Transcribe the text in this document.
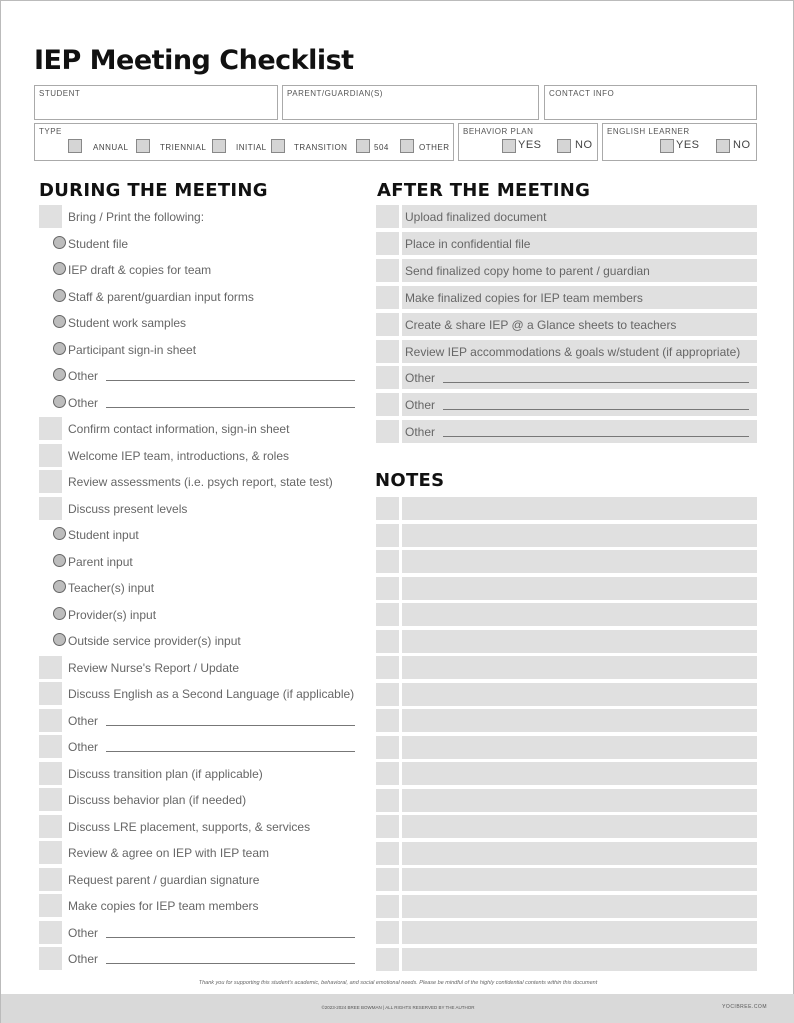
IEP Meeting Checklist
STUDENT	PARENT/GUARDIAN(S)	CONTACT INFO
TYPE
ANNUAL	TRIENNIAL	INITIAL	TRANSITION	504	OTHER
BEHAVIOR PLAN
YES	NO
ENGLISH LEARNER
YES	NO
DURING THE MEETING	AFTER THE MEETING
NOTES
Bring / Print the following:
Student file
IEP draft & copies for team
Staff & parent/guardian input forms
Student work samples
Participant sign-in sheet
Other
Other
Confirm contact information, sign-in sheet
Welcome IEP team, introductions, & roles
Review assessments (i.e. psych report, state test)
Discuss present levels
Student input
Parent input
Teacher(s) input
Provider(s) input
Outside service provider(s) input
Review Nurse's Report / Update
Discuss English as a Second Language (if applicable)
Other
Other
Discuss transition plan (if applicable)
Discuss behavior plan (if needed)
Discuss LRE placement, supports, & services
Review & agree on IEP with IEP team
Request parent / guardian signature
Make copies for IEP team members
Other
Other
Upload finalized document
Place in confidential file
Send finalized copy home to parent / guardian
Make finalized copies for IEP team members
Create & share IEP @ a Glance sheets to teachers
Review IEP accommodations & goals w/student (if appropriate)
Other
Other
Other
Thank you for supporting this student's academic, behavioral, and social emotional needs. Please be mindful of the highly confidential contents within this document
©2023-2024 BREE BOWMAN | ALL RIGHTS RESERVED BY THE AUTHOR	YOCIBREE.COM
